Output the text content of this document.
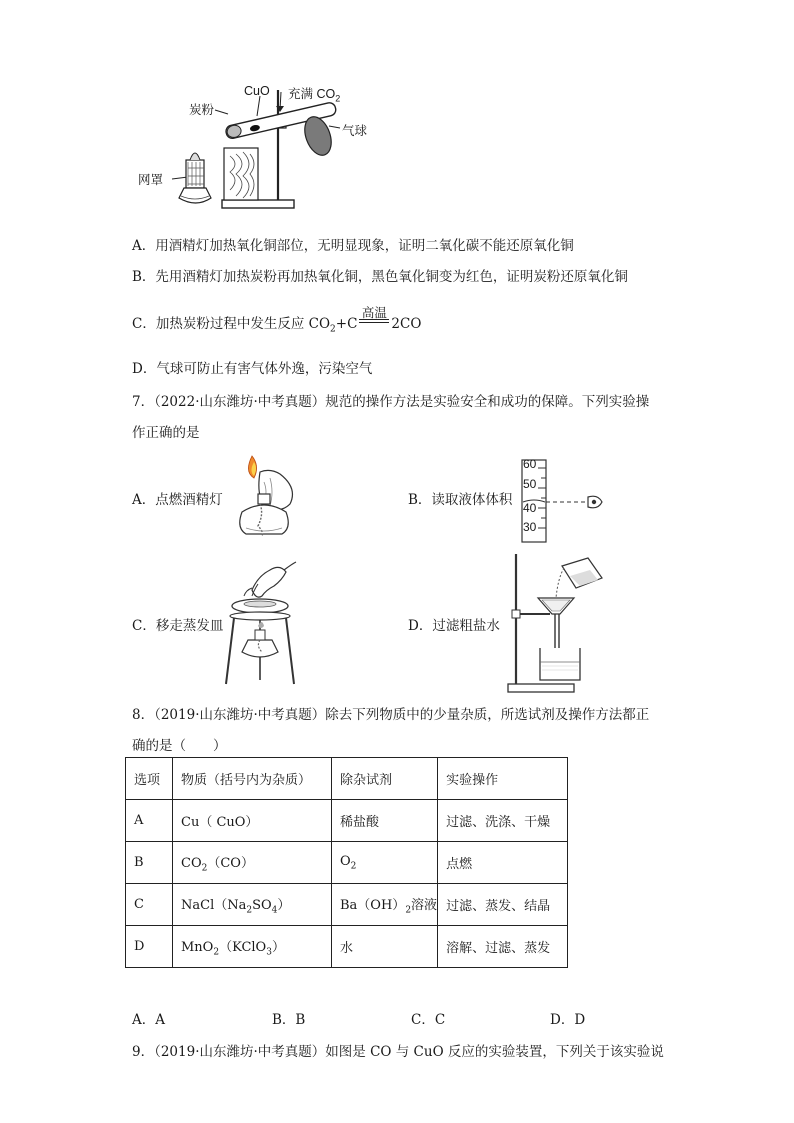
CuO 充满 $CO_2$
炭粉
气球
网罩
A．用酒精灯加热氧化铜部位，无明显现象，证明二氧化碳不能还原氧化铜
B．先用酒精灯加热炭粉再加热氧化铜，黑色氧化铜变为红色，证明炭粉还原氧化铜
C．加热炭粉过程中发生反应 $CO_2+C$
高温
2CO
D．气球可防止有害气体外逸，污染空气
7．（2022·山东潍坊·中考真题）规范的操作方法是实验安全和成功的保障。下列实验操
作正确的是
A．点燃酒精灯	B．读取液体体积
60
50
40
30
C．移走蒸发皿	D．过滤粗盐水
8．（2019·山东潍坊·中考真题）除去下列物质中的少量杂质，所选试剂及操作方法都正
确的是（　　）
选项	物质（括号内为杂质）	除杂试剂	实验操作
A	Cu（ CuO）	稀盐酸	过滤、洗涤、干燥
B	$CO_2(CO)$	$O_2$	点燃
C	$NaCl(Na_2SO_4)$	$Ba(OH)_2$溶液	过滤、蒸发、结晶
D	MnO$_2$（KClO$_3$）	水	溶解、过滤、蒸发
A．A	B．B	C．C	D．D
9．（2019·山东潍坊·中考真题）如图是 CO 与 CuO 反应的实验装置，下列关于该实验说
